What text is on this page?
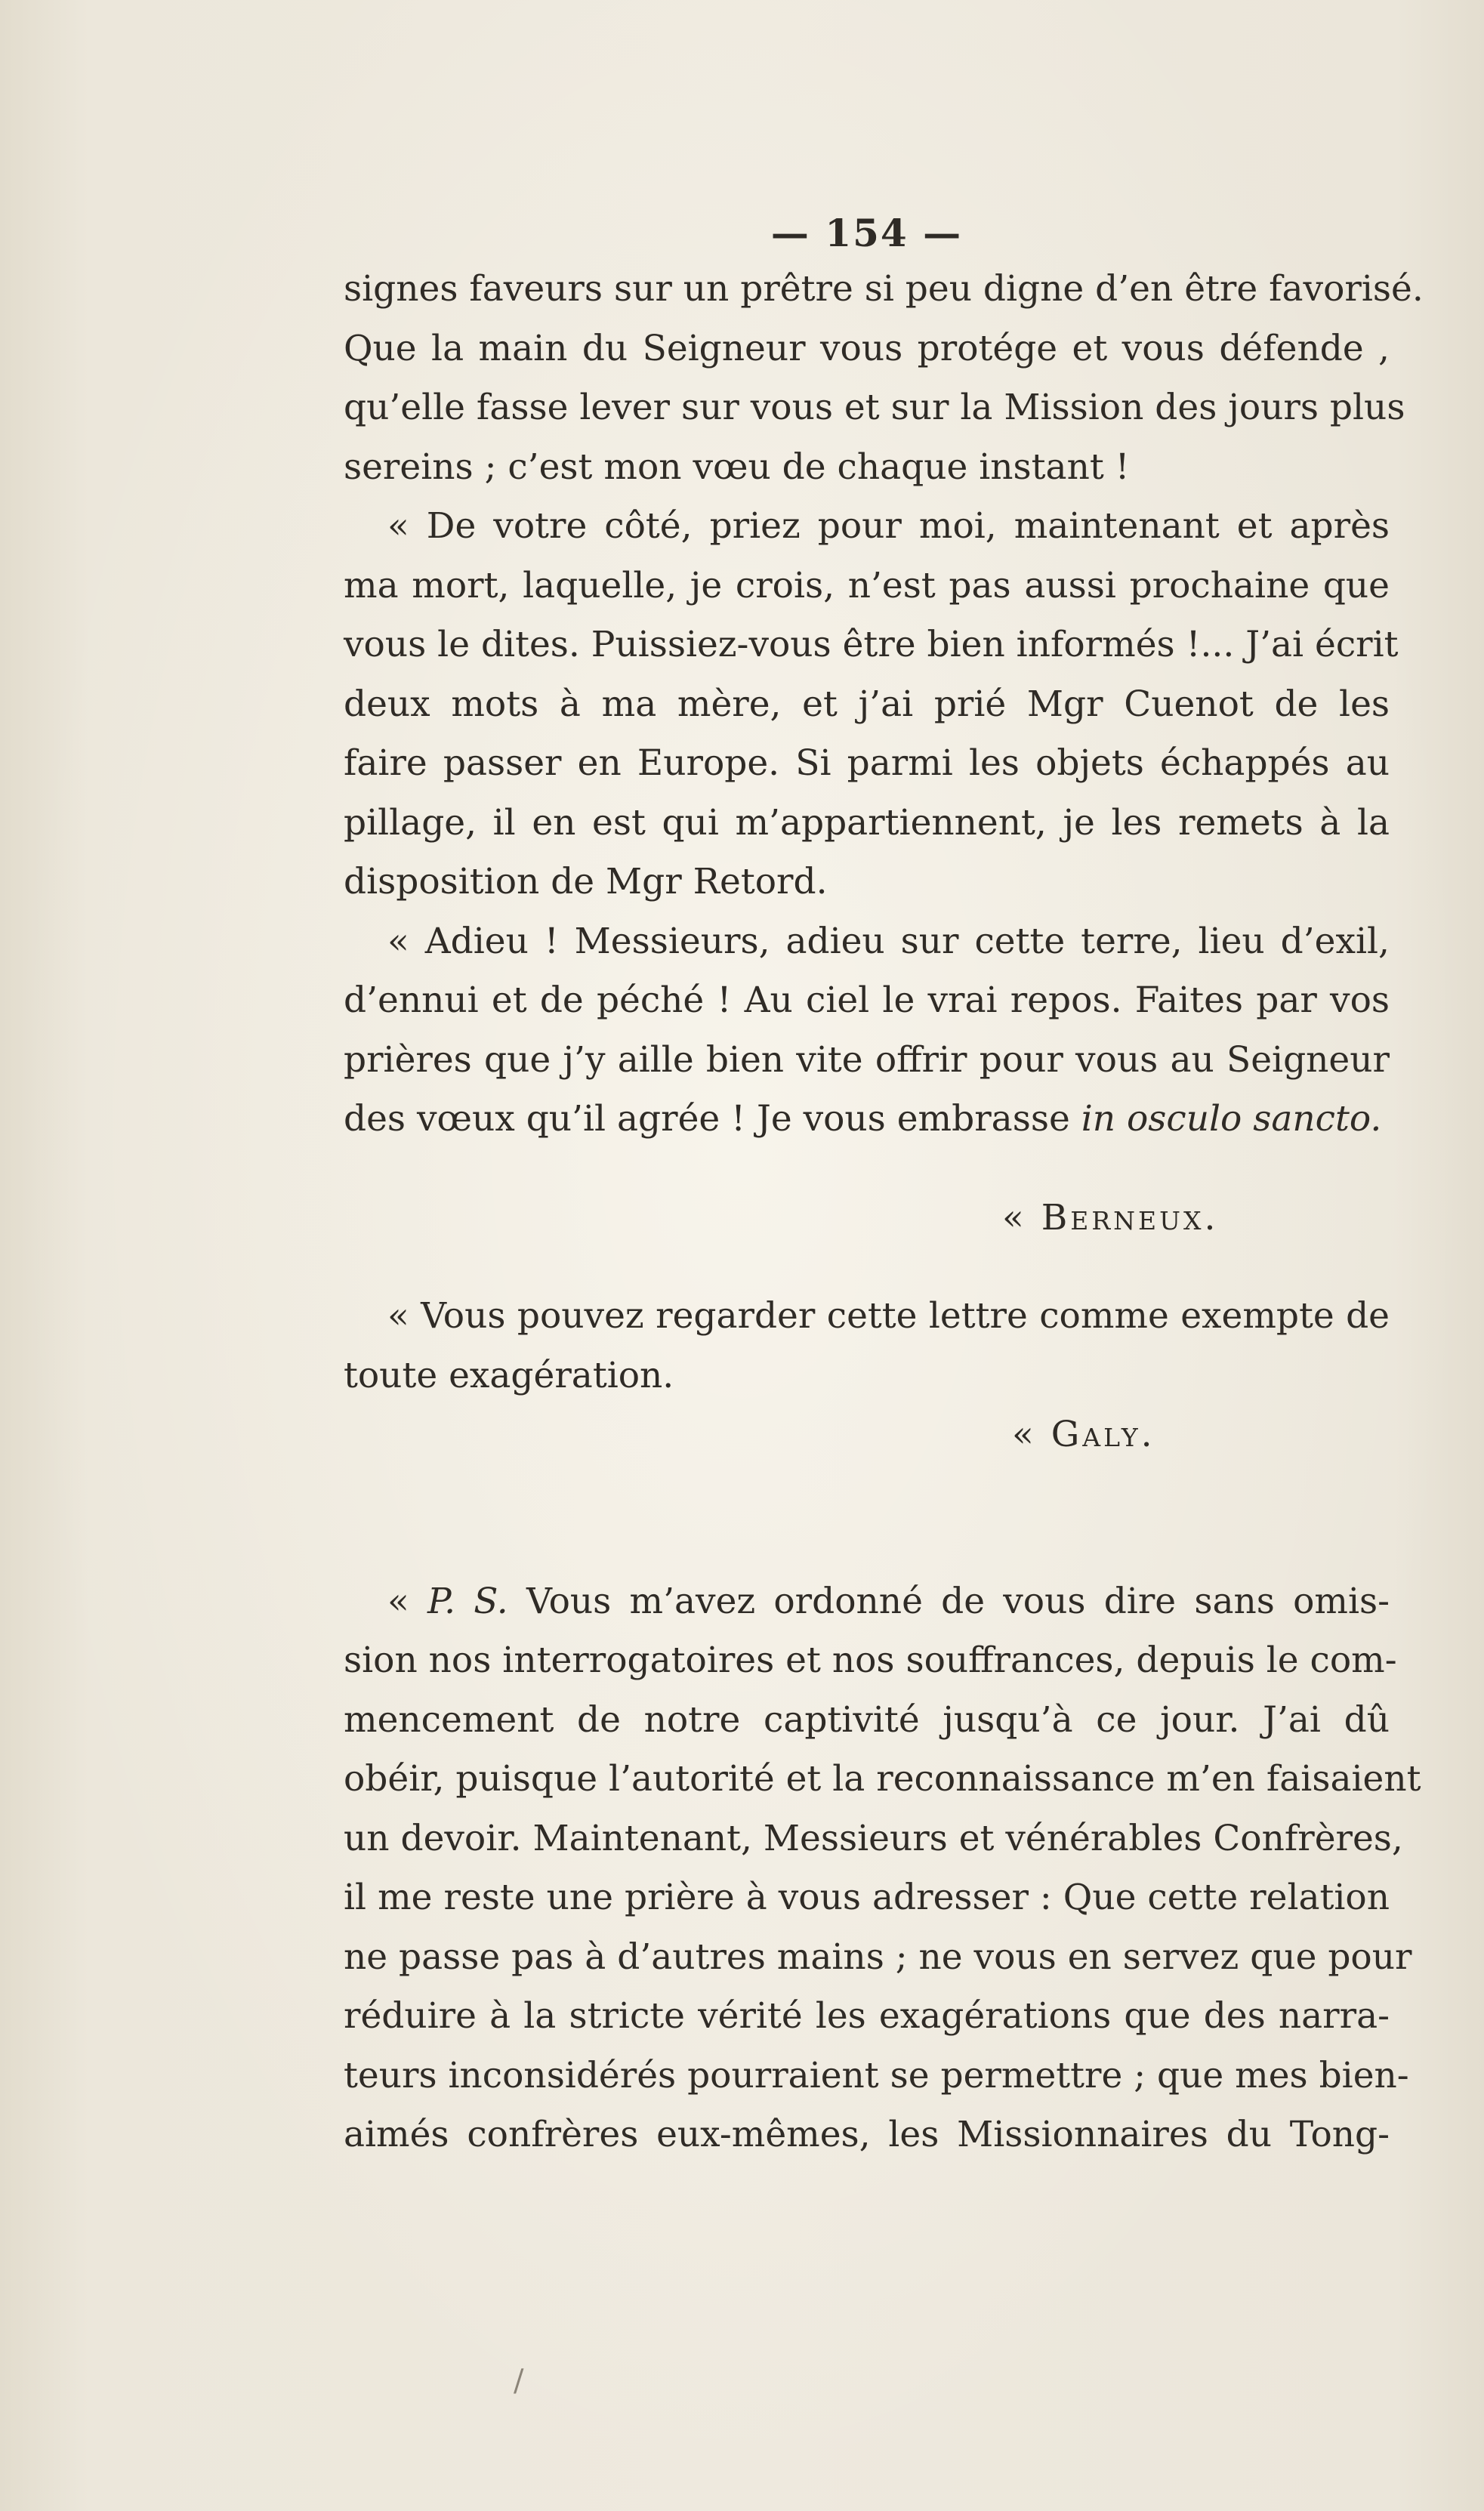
— 154 —
signes faveurs sur un prêtre si peu digne d’en être favorisé.
Que la main du Seigneur vous protége et vous défende ,
qu’elle fasse lever sur vous et sur la Mission des jours plus
sereins ; c’est mon vœu de chaque instant !
« De votre côté, priez pour moi, maintenant et après
ma mort, laquelle, je crois, n’est pas aussi prochaine que
vous le dites. Puissiez-vous être bien informés !... J’ai écrit
deux mots à ma mère, et j’ai prié Mgr Cuenot de les
faire passer en Europe. Si parmi les objets échappés au
pillage, il en est qui m’appartiennent, je les remets à la
disposition de Mgr Retord.
« Adieu ! Messieurs, adieu sur cette terre, lieu d’exil,
d’ennui et de péché ! Au ciel le vrai repos. Faites par vos
prières que j’y aille bien vite offrir pour vous au Seigneur
des vœux qu’il agrée ! Je vous embrasse in osculo sancto.
« Berneux.
« Vous pouvez regarder cette lettre comme exempte de
toute exagération.
« Galy.
« P. S. Vous m’avez ordonné de vous dire sans omis-
sion nos interrogatoires et nos souffrances, depuis le com-
mencement de notre captivité jusqu’à ce jour. J’ai dû
obéir, puisque l’autorité et la reconnaissance m’en faisaient
un devoir. Maintenant, Messieurs et vénérables Confrères,
il me reste une prière à vous adresser : Que cette relation
ne passe pas à d’autres mains ; ne vous en servez que pour
réduire à la stricte vérité les exagérations que des narra-
teurs inconsidérés pourraient se permettre ; que mes bien-
aimés confrères eux-mêmes, les Missionnaires du Tong-
/
